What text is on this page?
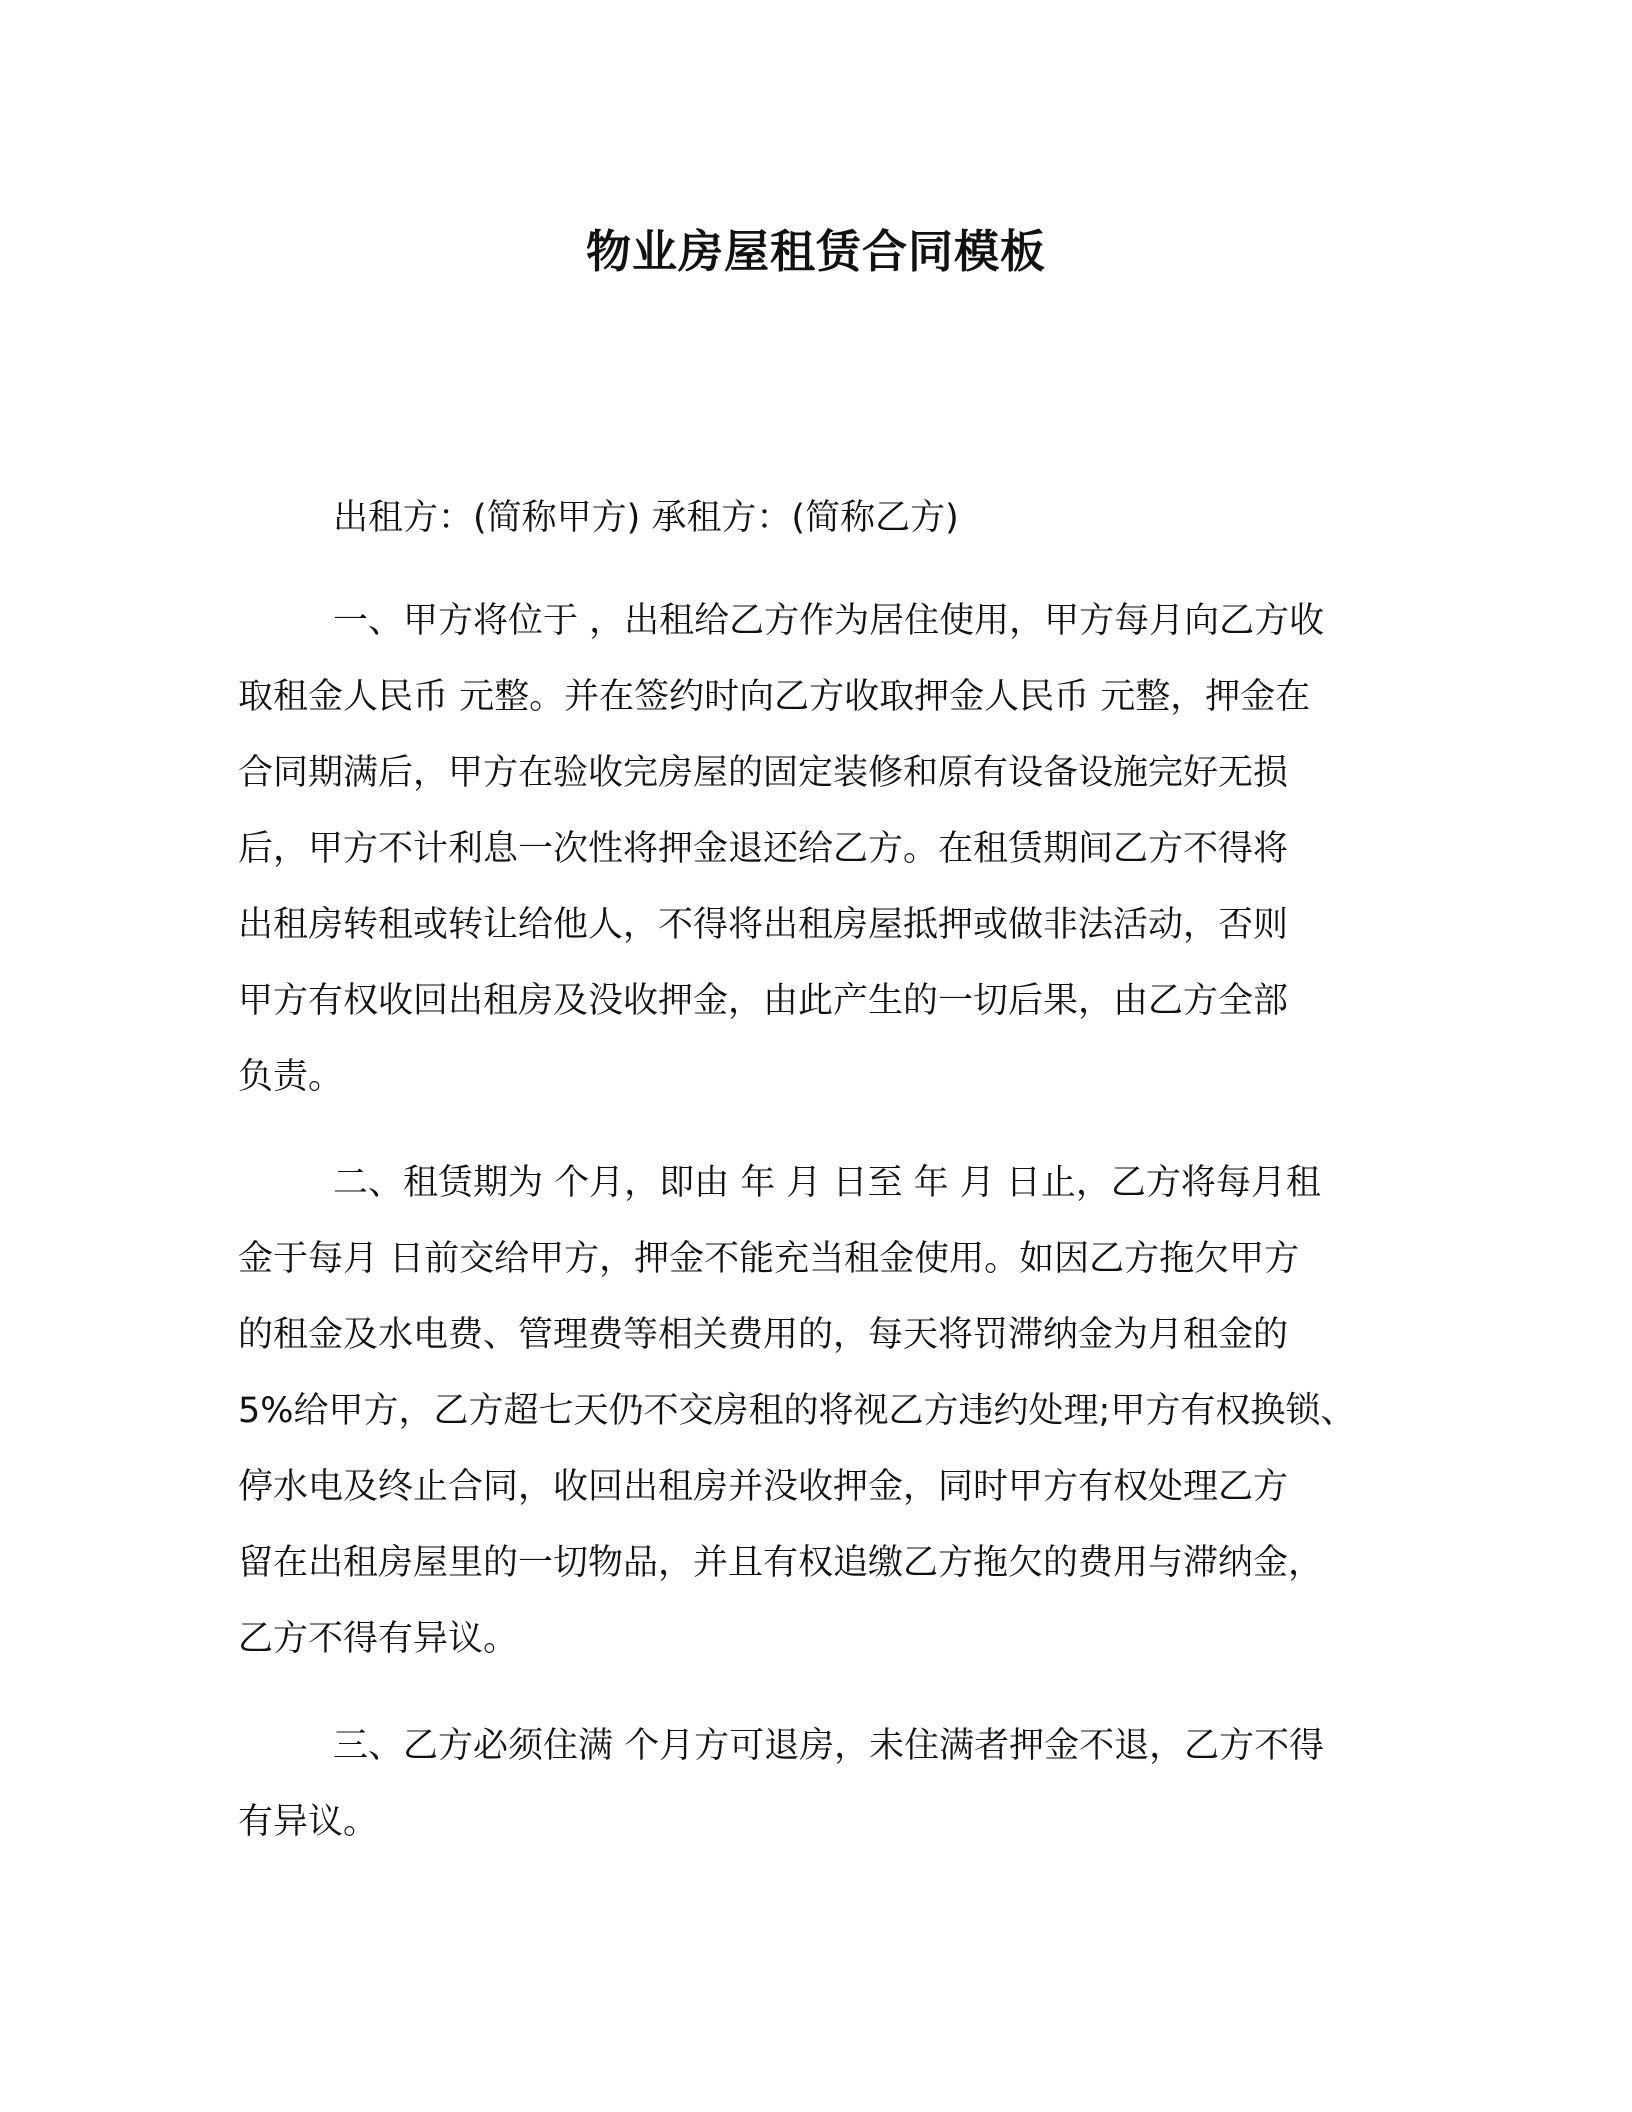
物业房屋租赁合同模板
出租方：(简称甲方) 承租方：(简称乙方)
一、甲方将位于 ，出租给乙方作为居住使用，甲方每月向乙方收
取租金人民币 元整。并在签约时向乙方收取押金人民币 元整，押金在
合同期满后，甲方在验收完房屋的固定装修和原有设备设施完好无损
后，甲方不计利息一次性将押金退还给乙方。在租赁期间乙方不得将
出租房转租或转让给他人，不得将出租房屋抵押或做非法活动，否则
甲方有权收回出租房及没收押金，由此产生的一切后果，由乙方全部
负责。
二、租赁期为 个月，即由 年 月 日至 年 月 日止，乙方将每月租
金于每月 日前交给甲方，押金不能充当租金使用。如因乙方拖欠甲方
的租金及水电费、管理费等相关费用的，每天将罚滞纳金为月租金的
5%给甲方，乙方超七天仍不交房租的将视乙方违约处理;甲方有权换锁、
停水电及终止合同，收回出租房并没收押金，同时甲方有权处理乙方
留在出租房屋里的一切物品，并且有权追缴乙方拖欠的费用与滞纳金，
乙方不得有异议。
三、乙方必须住满 个月方可退房，未住满者押金不退，乙方不得
有异议。
